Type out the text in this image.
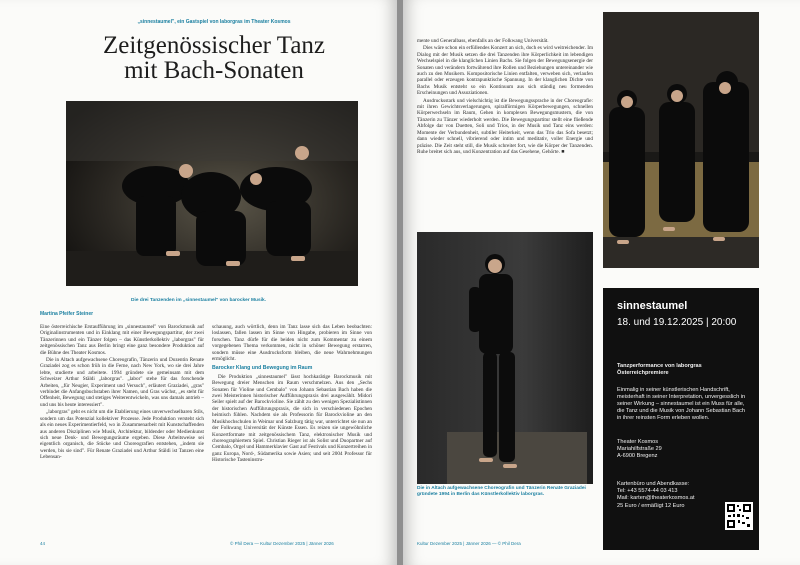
„sinnestaumel", ein Gastspiel von laborgras im Theater Kosmos
Zeitgenössischer Tanz
mit Bach-Sonaten
Die drei Tanzenden im „sinnestaumel" von barocker Musik.
Martina Pfeifer Steiner

Eine österreichische Erstaufführung im „sinnestaumel" von Barockmusik auf Originalinstrumenten und in Einklang mit einer Bewegungspartitur, der zwei Tänzerinnen und ein Tänzer folgen – das Künstlerkollektiv „laborgras" für zeitgenössischen Tanz aus Berlin bringt eine ganz besondere Produktion auf die Bühne des Theater Kosmos.

Die in Altach aufgewachsene Choreografin, Tänzerin und Dozentin Renate Graziadei zog es schon früh in die Ferne, nach New York, wo sie drei Jahre lebte, studierte und arbeitete. 1994 gründete sie gemeinsam mit dem Schweizer Arthur Stäldi „laborgras". „labor" stehe für das forschende Arbeiten, „für Neugier, Experiment und Versuch", erläutert Graziadei, „gras" verbindet die Anfangsbuchstaben ihrer Namen, und Gras wächst, „es steht für Offenheit, Bewegung und stetiges Weiterentwickeln, was uns damals antrieb – und uns bis heute interessiert".

„laborgras" geht es nicht um die Etablierung eines unverwechselbaren Stils, sondern um das Potenzial kollektiver Prozesse. Jede Produktion versteht sich als ein neues Experimentierfeld, wo in Zusammenarbeit mit Kunstschaffenden aus anderen Disziplinen wie Musik, Architektur, bildender oder Medienkunst sich neue Denk- und Bewegungsräume ergeben. Diese Arbeitsweise sei eigentlich organisch, die Stücke und Choreografien entstehen, „indem sie werden, bis sie sind". Für Renate Graziadei und Arthur Stäldi ist Tanzen eine Lebensan-

schauung, auch wörtlich, denn im Tanz lasse sich das Leben beobachten: loslassen, fallen lassen im Sinne von Hingabe, probieren im Sinne von forschen. Tanz dürfe für die beiden nicht zum Kommentar zu einem vorgegebenen Thema verkommen, nicht in schöner Bewegung erstarren, sondern müsse eine Ausdrucksform bleiben, die neue Wahrnehmungen ermöglicht.

Barocker Klang und Bewegung im Raum

Die Produktion „sinnestaumel" lässt hochkarätige Barockmusik mit Bewegung dreier Menschen im Raum verschmelzen. Aus den „Sechs Sonaten für Violine und Cembalo" von Johann Sebastian Bach haben die zwei Meisterinnen historischer Aufführungspraxis drei ausgewählt. Midori Seiler spielt auf der Barockvioline. Sie zählt zu den wenigen Spezialistinnen der historischen Aufführungspraxis, die sich in verschiedenen Epochen heimisch fühlen. Nachdem sie als Professorin für Barockvioline an den Musikhochschulen in Weimar und Salzburg tätig war, unterrichtet sie nun an der Folkwang Universität der Künste Essen. Es reizen sie ungewöhnliche Konzertformate mit zeitgenössischem Tanz, elektronischer Musik und choreographiertem Spiel. Christian Rieger ist als Solist und Duopartner auf Cembalo, Orgel und Hammerklavier Gast auf Festivals und Konzertreihen in ganz Europa, Nord-, Südamerika sowie Asien; und seit 2004 Professor für Historische Tasteninstru-

44	© Phil Dera — Kultur Dezember 2025 | Jänner 2026

mente und Generalbass, ebenfalls an der Folkwang Universität.

Dies wäre schon ein erfüllendes Konzert an sich, doch es wird weitreichender. Im Dialog mit der Musik setzen die drei Tanzenden ihre Körperlichkeit im lebendigen Wechselspiel in die klanglichen Linien Bachs. Sie folgen der Bewegungsenergie der Sonaten und verändern fortwährend ihre Rollen und Beziehungen untereinander wie auch zu den Musikern. Kompositorische Linien entfalten, verweben sich, verlaufen parallel oder erzeugen kontrapunktische Spannung. In der klanglichen Dichte von Bachs Musik entsteht so ein Kontinuum aus sich ständig neu formenden Erscheinungen und Assoziationen.

Ausdrucksstark und vielschichtig ist die Bewegungssprache in der Choreografie: mit ihren Gewichtsverlagerungen, spiralförmigen Körperbewegungen, schnellen Körperwechseln im Raum, Gehen in komplexen Bewegungsmustern, die von Tänzerin zu Tänzer wiederholt werden. Die Bewegungspartitur stellt eine fließende Abfolge dar von Duetten, Soli und Trios, in der Musik und Tanz eins werden: Momente der Verbundenheit, subtiler Heiterkeit, wenn das Trio das Sofa besetzt; dann wieder schnell, vibrierend oder intim und meditativ, voller Energie und präzise. Die Zeit steht still, die Musik schreitet fort, wie die Körper der Tanzenden. Ruhe breitet sich aus, und Konzentration auf das Gesehene, Gehörte. ■

Die in Altach aufgewachsene Choreografin und Tänzerin Renate Graziadei gründete 1994 in Berlin das Künstlerkollektiv laborgras.
sinnestaumel
18. und 19.12.2025 | 20:00
Tanzperformance von laborgras
Österreichpremiere
Einmalig in seiner künstlerischen Handschrift, meisterhaft in seiner Interpretation, unvergesslich in seiner Wirkung – sinnestaumel ist ein Muss für alle, die Tanz und die Musik von Johann Sebastian Bach in ihrer reinsten Form erleben wollen.
Theater Kosmos
Mariahilfstraße 29
A-6900 Bregenz
Kartenbüro und Abendkasse:
Tel: +43 5574-44 03 413
Mail: karten@theaterkosmos.at
25 Euro / ermäßigt 12 Euro
Kultur Dezember 2025 | Jänner 2026 — © Phil Dera
